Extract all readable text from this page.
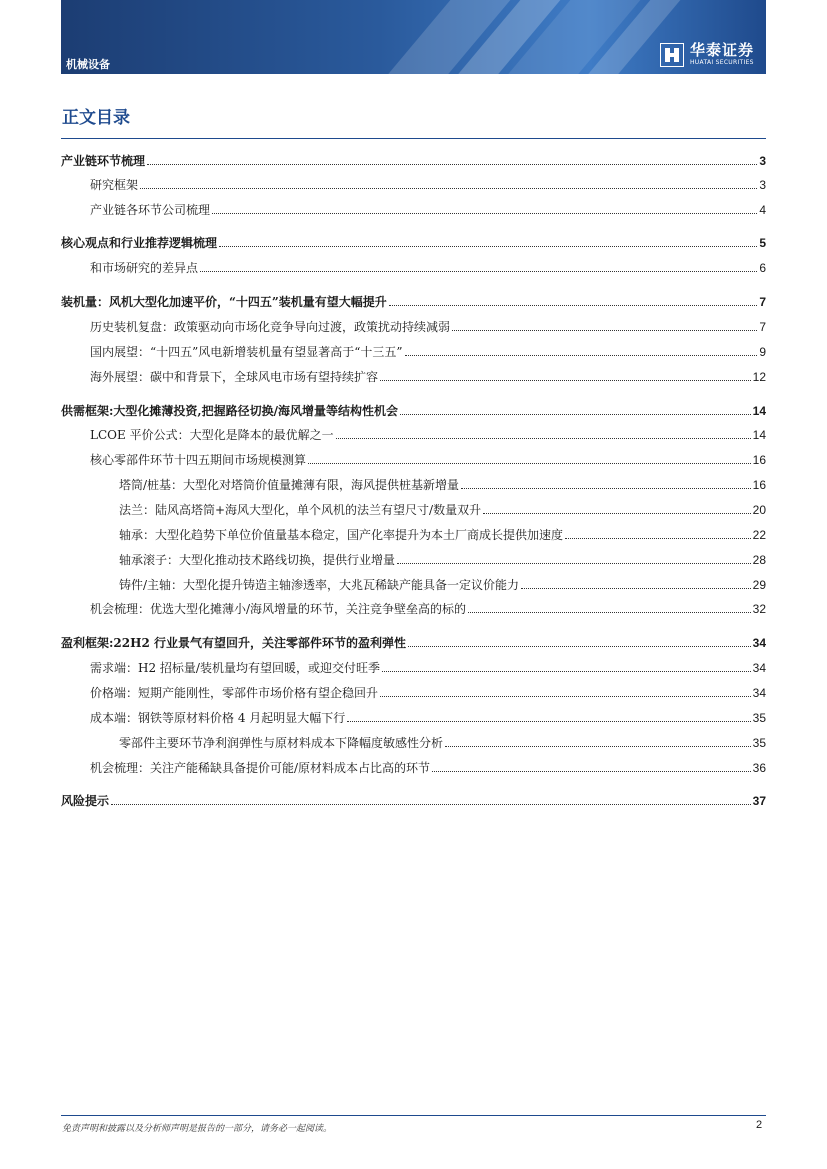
机械设备
华泰证券
HUATAI SECURITIES
正文目录
产业链环节梳理	3
研究框架	3
产业链各环节公司梳理	4
核心观点和行业推荐逻辑梳理	5
和市场研究的差异点	6
装机量：风机大型化加速平价，“十四五”装机量有望大幅提升	7
历史装机复盘：政策驱动向市场化竞争导向过渡，政策扰动持续减弱	7
国内展望：“十四五”风电新增装机量有望显著高于“十三五”	9
海外展望：碳中和背景下，全球风电市场有望持续扩容	12
供需框架:大型化摊薄投资,把握路径切换/海风增量等结构性机会	14
LCOE 平价公式：大型化是降本的最优解之一	14
核心零部件环节十四五期间市场规模测算	16
塔筒/桩基：大型化对塔筒价值量摊薄有限，海风提供桩基新增量	16
法兰：陆风高塔筒+海风大型化，单个风机的法兰有望尺寸/数量双升	20
轴承：大型化趋势下单位价值量基本稳定，国产化率提升为本土厂商成长提供加速度	22
轴承滚子：大型化推动技术路线切换，提供行业增量	28
铸件/主轴：大型化提升铸造主轴渗透率，大兆瓦稀缺产能具备一定议价能力	29
机会梳理：优选大型化摊薄小/海风增量的环节，关注竞争壁垒高的标的	32
盈利框架:22H2 行业景气有望回升，关注零部件环节的盈利弹性	34
需求端：H2 招标量/装机量均有望回暖，或迎交付旺季	34
价格端：短期产能刚性，零部件市场价格有望企稳回升	34
成本端：钢铁等原材料价格 4 月起明显大幅下行	35
零部件主要环节净利润弹性与原材料成本下降幅度敏感性分析	35
机会梳理：关注产能稀缺具备提价可能/原材料成本占比高的环节	36
风险提示	37
免责声明和披露以及分析师声明是报告的一部分，请务必一起阅读。	2
